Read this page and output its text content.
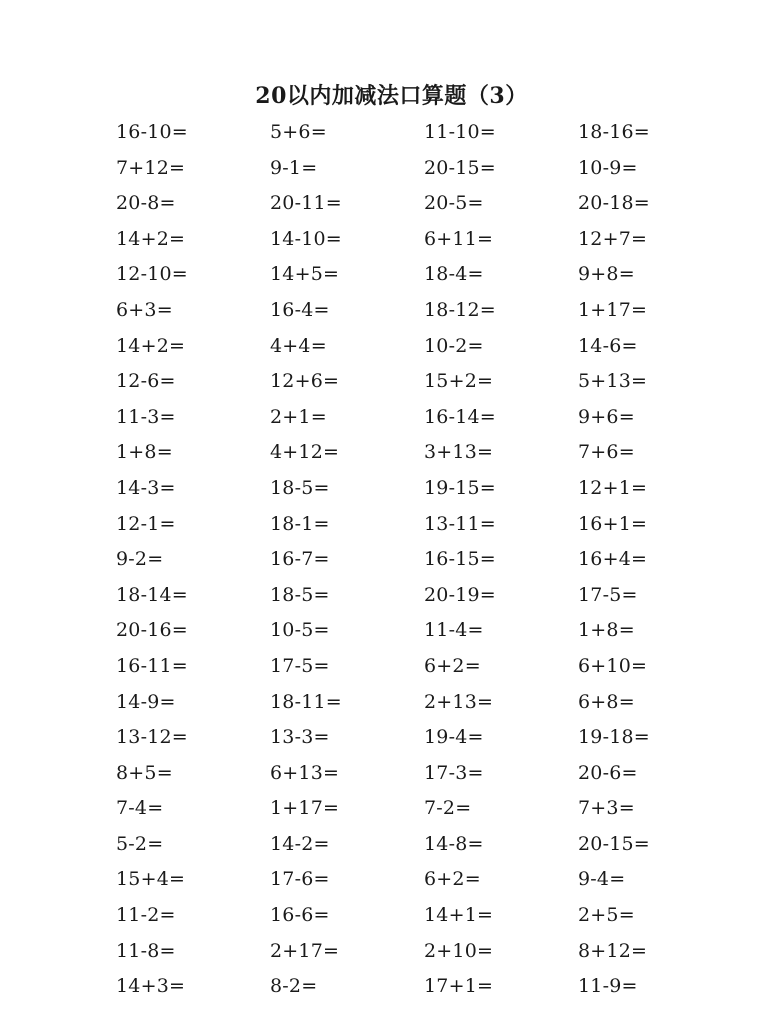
20以内加减法口算题（3）
16-10=	5+6=	11-10=	18-16=
7+12=	9-1=	20-15=	10-9=
20-8=	20-11=	20-5=	20-18=
14+2=	14-10=	6+11=	12+7=
12-10=	14+5=	18-4=	9+8=
6+3=	16-4=	18-12=	1+17=
14+2=	4+4=	10-2=	14-6=
12-6=	12+6=	15+2=	5+13=
11-3=	2+1=	16-14=	9+6=
1+8=	4+12=	3+13=	7+6=
14-3=	18-5=	19-15=	12+1=
12-1=	18-1=	13-11=	16+1=
9-2=	16-7=	16-15=	16+4=
18-14=	18-5=	20-19=	17-5=
20-16=	10-5=	11-4=	1+8=
16-11=	17-5=	6+2=	6+10=
14-9=	18-11=	2+13=	6+8=
13-12=	13-3=	19-4=	19-18=
8+5=	6+13=	17-3=	20-6=
7-4=	1+17=	7-2=	7+3=
5-2=	14-2=	14-8=	20-15=
15+4=	17-6=	6+2=	9-4=
11-2=	16-6=	14+1=	2+5=
11-8=	2+17=	2+10=	8+12=
14+3=	8-2=	17+1=	11-9=
